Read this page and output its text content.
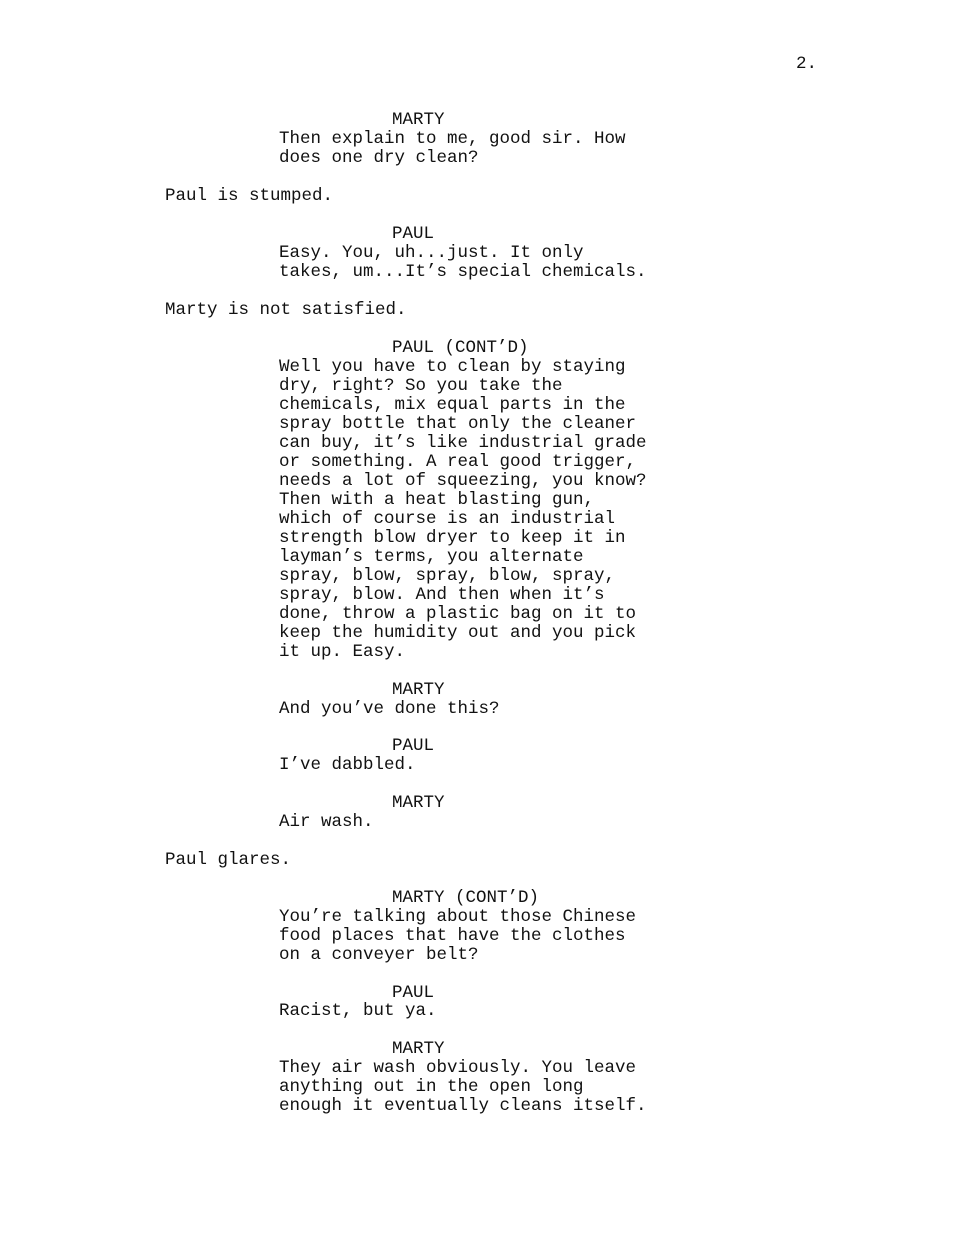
2.
MARTY
Then explain to me, good sir. How
does one dry clean?
Paul is stumped.
PAUL
Easy. You, uh...just. It only
takes, um...It’s special chemicals.
Marty is not satisfied.
PAUL (CONT’D)
Well you have to clean by staying
dry, right? So you take the
chemicals, mix equal parts in the
spray bottle that only the cleaner
can buy, it’s like industrial grade
or something. A real good trigger,
needs a lot of squeezing, you know?
Then with a heat blasting gun,
which of course is an industrial
strength blow dryer to keep it in
layman’s terms, you alternate
spray, blow, spray, blow, spray,
spray, blow. And then when it’s
done, throw a plastic bag on it to
keep the humidity out and you pick
it up. Easy.
MARTY
And you’ve done this?
PAUL
I’ve dabbled.
MARTY
Air wash.
Paul glares.
MARTY (CONT’D)
You’re talking about those Chinese
food places that have the clothes
on a conveyer belt?
PAUL
Racist, but ya.
MARTY
They air wash obviously. You leave
anything out in the open long
enough it eventually cleans itself.
